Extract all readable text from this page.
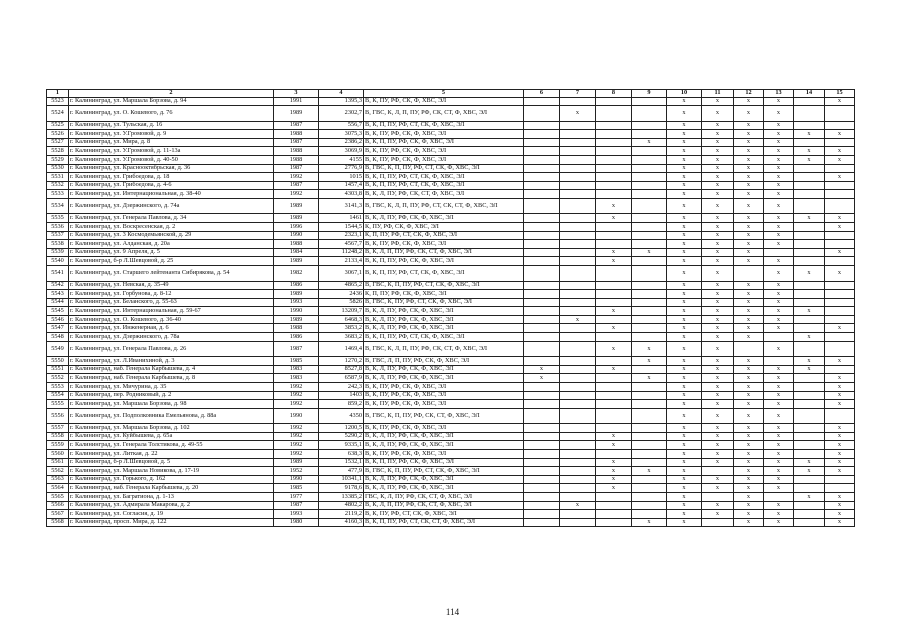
1	2	3	4	5	6	7	8	9	10	11	12	13	14	15
5523	г. Калининград, ул. Маршала Борзова, д. 94	1991	1395,3	В, К, ПУ, РФ, СК, Ф, ХВС, ЭЛ					x	x	x	x		x
5524	г. Калининград, ул. О. Кошевого, д. 76	1989	2302,7	В, ГВС, К, Л, П, ПУ, РФ, СК, СТ, Ф, ХВС, ЭЛ		x			x	x	x	x		
5525	г. Калининград, ул. Тульская, д. 16	1987	556,7	В, К, П, ПУ, РФ, СТ, СК, Ф, ХВС, ЭЛ					x	x	x	x		
5526	г. Калининград, ул. У.Громовой, д. 9	1988	3075,3	В, К, ПУ, РФ, СК, Ф, ХВС, ЭЛ					x	x	x	x	x	x
5527	г. Калининград, ул. Мира, д. 8	1987	2386,2	В, К, П, ПУ, РФ, СК, Ф, ХВС, ЭЛ				x	x	x	x	x		
5528	г. Калининград, ул. У.Громовой, д. 11-13а	1988	3069,9	В, К, ПУ, РФ, СК, Ф, ХВС, ЭЛ					x	x	x	x	x	x
5529	г. Калининград, ул. У.Громовой, д. 40-50	1988	4155	В, К, ПУ, РФ, СК, Ф, ХВС, ЭЛ					x	x	x	x	x	x
5530	г. Калининград, ул. Краснооктябрьская, д. 36	1987	2776,9	В, ГВС, К, П, ПУ, РФ, СТ, СК, Ф, ХВС, ЭЛ					x	x	x	x		
5531	г. Калининград, ул. Грибоедова, д. 18	1992	1015	В, К, П, ПУ, РФ, СТ, СК, Ф, ХВС, ЭЛ					x	x	x	x		x
5532	г. Калининград, ул. Грибоедова, д. 4-6	1987	1457,4	В, К, П, ПУ, РФ, СТ, СК, Ф, ХВС, ЭЛ					x	x	x	x		
5533	г. Калининград, ул. Интернациональная, д. 38-40	1992	4303,8	В, К, Л, ПУ, РФ, СК, СТ, Ф, ХВС, ЭЛ					x	x	x	x		
5534	г. Калининград, ул. Дзержинского, д. 74а	1989	3141,3	В, ГВС, К, Л, П, ПУ, РФ, СТ, СК, СТ, Ф, ХВС, ЭЛ			x		x	x	x	x		
5535	г. Калининград, ул. Генерала Павлова, д. 34	1989	1461	В, К, Л, ПУ, РФ, СК, Ф, ХВС, ЭЛ			x		x	x	x	x	x	x
5536	г. Калининград, ул. Воскресенская, д. 2	1996	1544,5	К, ПУ, РФ, СК, Ф, ХВС, ЭЛ					x	x	x	x		x
5537	г. Калининград, ул. 3 Космодемьянской, д. 29	1990	2323,1	К, П, ПУ, РФ, СТ, СК, Ф, ХВС, ЭЛ					x	x	x	x		
5538	г. Калининград, ул. Алданская, д. 20а	1988	4567,7	В, К, ПУ, РФ, СК, Ф, ХВС, ЭЛ					x	x	x	x		
5539	г. Калининград, ул. 9 Апреля, д. 5	1984	11248,2	В, К, Л, П, ПУ, РФ, СК, СТ, Ф, ХВС, ЭЛ			x	x	x	x	x			x
5540	г. Калининград, б-р Л.Шевцовой, д. 25	1989	2133,4	В, К, П, ПУ, РФ, СК, Ф, ХВС, ЭЛ			x		x	x	x	x		
5541	г. Калининград, ул. Старшего лейтенанта Сибирякова, д. 54	1982	3067,1	В, К, П, ПУ, РФ, СТ, СК, Ф, ХВС, ЭЛ					x	x		x	x	x
5542	г. Калининград, ул. Невская, д. 35-49	1986	4865,2	В, ГВС, К, П, ПУ, РФ, СТ, СК, Ф, ХВС, ЭЛ					x	x	x	x		
5543	г. Калининград, ул. Горбунова, д. 8-12	1989	2436	К, П, ПУ, РФ, СК, Ф, ХВС, ЭЛ					x	x	x	x		
5544	г. Калининград, ул. Беланского, д. 55-63	1993	5826	В, ГВС, К, ПУ, РФ, СТ, СК, Ф, ХВС, ЭЛ					x	x	x	x		
5545	г. Калининград, ул. Интернациональная, д. 59-67	1990	13209,7	В, К, Л, ПУ, РФ, СК, Ф, ХВС, ЭЛ			x		x	x	x	x	x	
5546	г. Калининград, ул. О. Кошевого, д. 36-40	1989	6468,3	В, К, Л, ПУ, РФ, СК, Ф, ХВС, ЭЛ		x			x	x	x	x		
5547	г. Калининград, ул. Инженерная, д. 6	1988	3853,2	В, К, Л, ПУ, РФ, СК, Ф, ХВС, ЭЛ			x		x	x	x	x		x
5548	г. Калининград, ул. Дзержинского, д. 78а	1986	3683,2	В, К, П, ПУ, РФ, СТ, СК, Ф, ХВС, ЭЛ					x	x	x		x	
5549	г. Калининград, ул. Генерала Павлова, д. 26	1987	1469,4	В, ГВС, К, Л, П, ПУ, РФ, СК, СТ, Ф, ХВС, ЭЛ			x	x	x	x		x		
5550	г. Калининград, ул. Л.Иванихиной, д. 3	1985	1270,2	В, ГВС, Л, П, ПУ, РФ, СК, Ф, ХВС, ЭЛ				x	x	x	x		x	x
5551	г. Калининград, наб. Генерала Карбышева, д. 4	1983	8527,8	В, К, Л, ПУ, РФ, СК, Ф, ХВС, ЭЛ	x		x		x	x	x	x	x	
5552	г. Калининград, наб. Генерала Карбышева, д. 8	1983	6587,9	В, К, Л, ПУ, РФ, СК, Ф, ХВС, ЭЛ	x			x	x	x	x	x		x
5553	г. Калининград, ул. Мичурина, д. 35	1992	242,3	В, К, ПУ, РФ, СК, Ф, ХВС, ЭЛ					x	x	x	x		x
5554	г. Калининград, пер. Родниковый, д. 2	1992	1403	В, К, ПУ, РФ, СК, Ф, ХВС, ЭЛ					x	x	x	x		x
5555	г. Калининград, ул. Маршала Борзова, д. 98	1992	859,2	В, К, ПУ, РФ, СК, Ф, ХВС, ЭЛ					x	x	x	x		x
5556	г. Калининград, ул. Подполковника Емельянова, д. 88а	1990	4350	В, ГВС, К, П, ПУ, РФ, СК, СТ, Ф, ХВС, ЭЛ					x	x	x	x		
5557	г. Калининград, ул. Маршала Борзова, д. 102	1992	1200,5	В, К, ПУ, РФ, СК, Ф, ХВС, ЭЛ					x	x	x	x		x
5558	г. Калининград, ул. Куйбышева, д. 65а	1992	5290,2	В, К, Л, ПУ, РФ, СК, Ф, ХВС, ЭЛ			x		x	x	x	x		x
5559	г. Калининград, ул. Генерала Толстикова, д. 49-55	1992	9335,1	В, К, Л, ПУ, РФ, СК, Ф, ХВС, ЭЛ			x		x	x	x	x		x
5560	г. Калининград, ул. Литкая, д. 22	1992	638,3	В, К, ПУ, РФ, СК, Ф, ХВС, ЭЛ					x	x	x	x		x
5561	г. Калининград, б-р Л.Шевцовой, д. 5	1989	1532,1	В, К, П, ПУ, РФ, СК, Ф, ХВС, ЭЛ			x		x	x	x	x	x	x
5562	г. Калининград, ул. Маршала Новикова, д. 17-19	1952	477,9	В, ГВС, К, П, ПУ, РФ, СТ, СК, Ф, ХВС, ЭЛ			x	x	x		x	x	x	x
5563	г. Калининград, ул. Горького, д. 162	1990	10341,1	В, К, Л, ПУ, РФ, СК, Ф, ХВС, ЭЛ			x		x	x	x	x		
5564	г. Калининград, наб. Генерала Карбышева, д. 20	1985	9178,6	В, К, Л, ПУ, РФ, СК, Ф, ХВС, ЭЛ			x		x	x	x	x		
5565	г. Калининград, ул. Багратиона, д. 1-13	1977	13385,2	ГВС, К, Л, ПУ, РФ, СК, СТ, Ф, ХВС, ЭЛ					x		x		x	x
5566	г. Калининград, ул. Адмирала Макарова, д. 2	1987	4802,2	В, К, Л, П, ПУ, РФ, СК, СТ, Ф, ХВС, ЭЛ		x			x	x	x	x		x
5567	г. Калининград, ул. Согласия, д. 19	1993	2119,2	В, К, ПУ, РФ, СТ, СК, Ф, ХВС, ЭЛ					x	x	x	x		x
5568	г. Калининград, просп. Мира, д. 122	1980	4160,3	В, К, П, ПУ, РФ, СТ, СК, СТ, Ф, ХВС, ЭЛ				x	x		x	x		x
114
